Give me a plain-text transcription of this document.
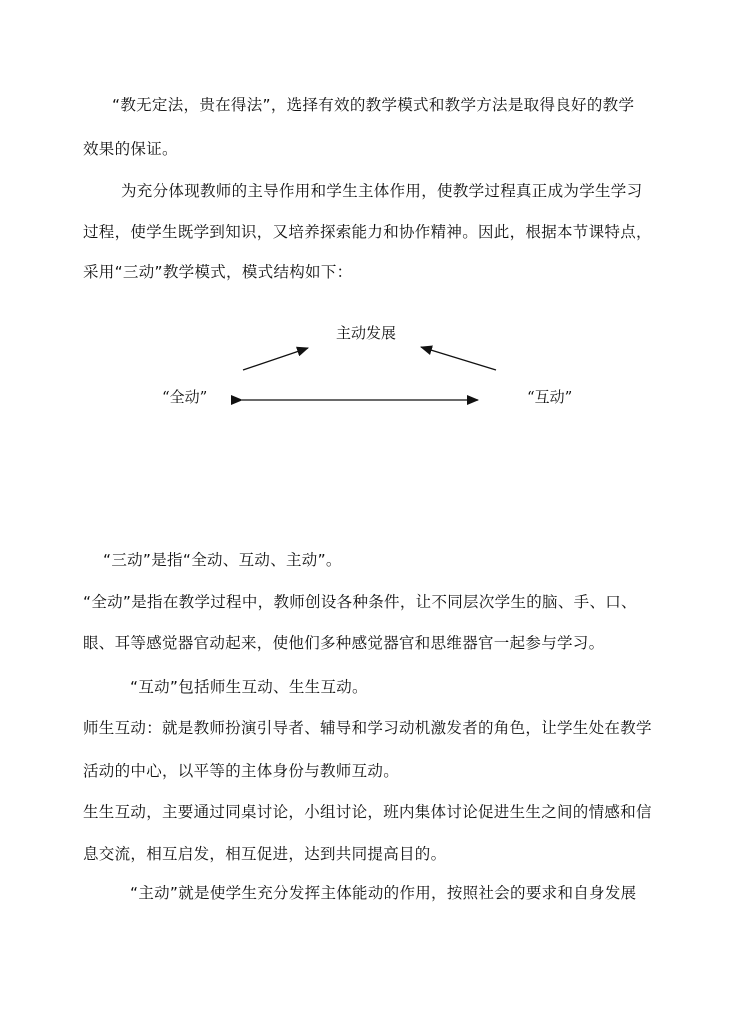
“教无定法，贵在得法”，选择有效的教学模式和教学方法是取得良好的教学
效果的保证。
为充分体现教师的主导作用和学生主体作用，使教学过程真正成为学生学习
过程，使学生既学到知识，又培养探索能力和协作精神。因此，根据本节课特点，
采用“三动”教学模式，模式结构如下：
主动发展
“全动”	“互动”
“三动”是指“全动、互动、主动”。
“全动”是指在教学过程中，教师创设各种条件，让不同层次学生的脑、手、口、
眼、耳等感觉器官动起来，使他们多种感觉器官和思维器官一起参与学习。
“互动”包括师生互动、生生互动。
师生互动：就是教师扮演引导者、辅导和学习动机激发者的角色，让学生处在教学
活动的中心，以平等的主体身份与教师互动。
生生互动，主要通过同桌讨论，小组讨论，班内集体讨论促进生生之间的情感和信
息交流，相互启发，相互促进，达到共同提高目的。
“主动”就是使学生充分发挥主体能动的作用，按照社会的要求和自身发展
